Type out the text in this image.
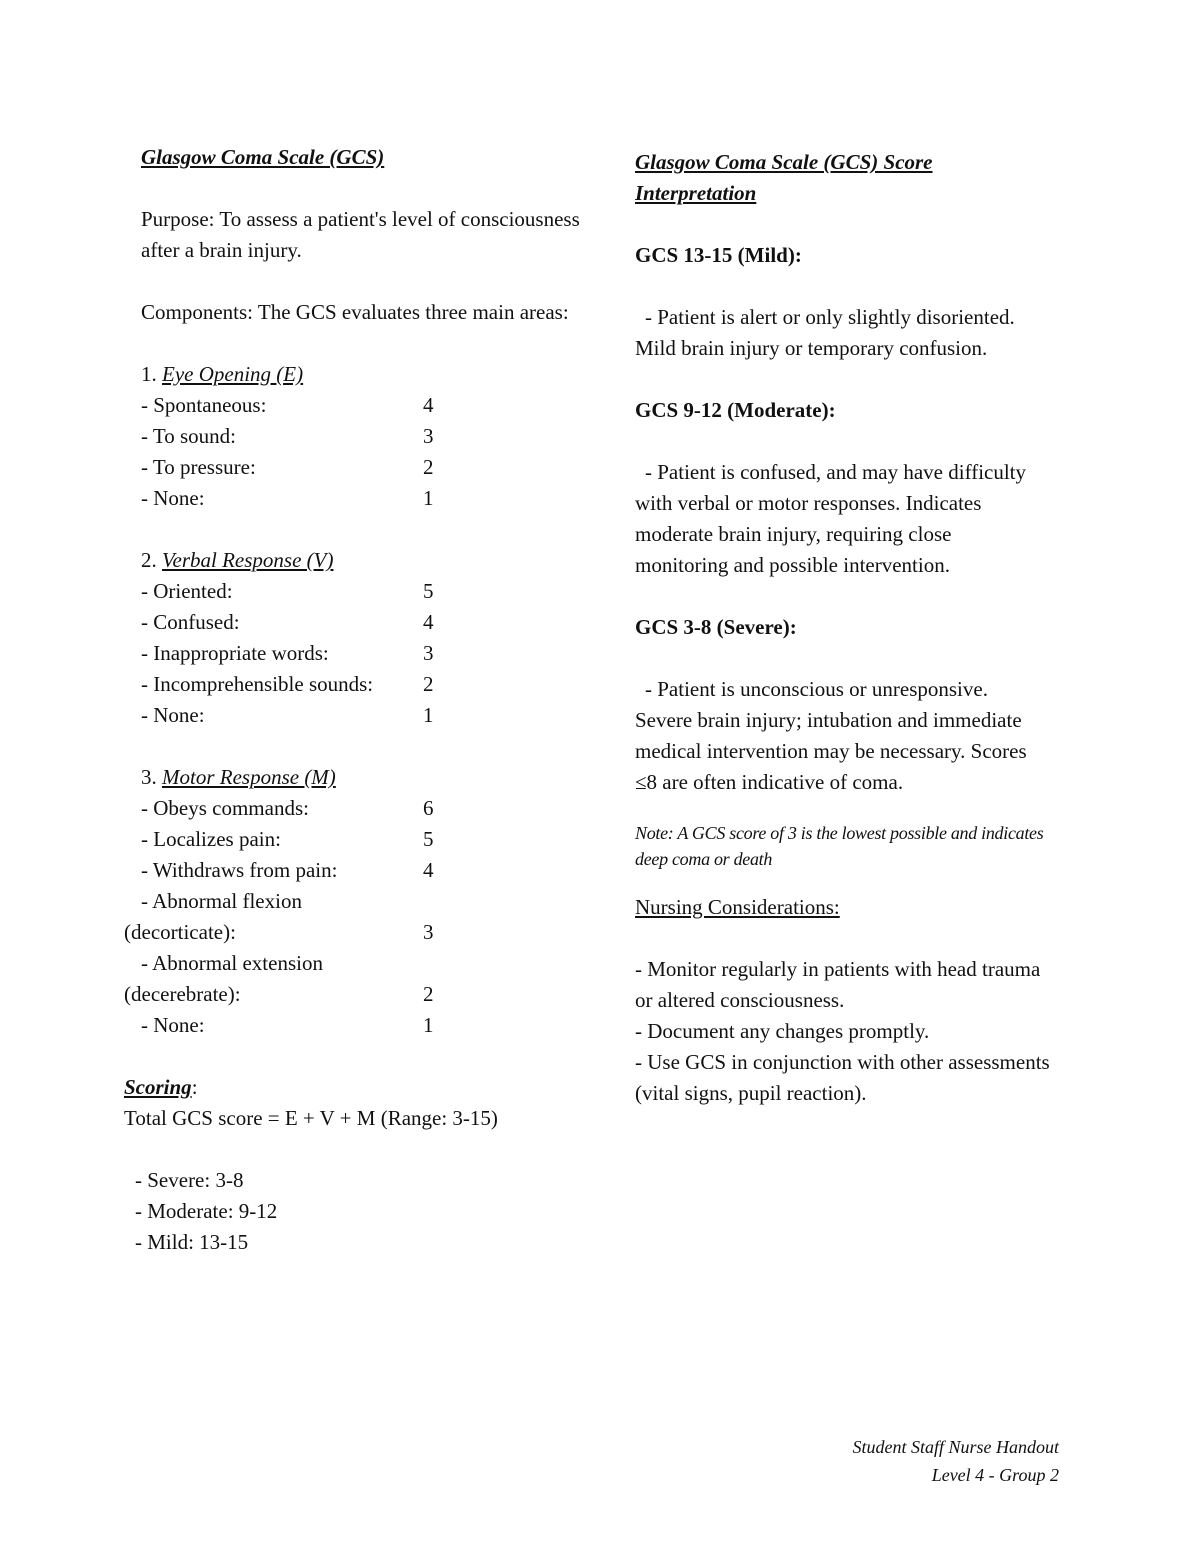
Glasgow Coma Scale (GCS)
Purpose: To assess a patient's level of consciousness after a brain injury.
Components: The GCS evaluates three main areas:
1. Eye Opening (E)
- Spontaneous:	4
- To sound:	3
- To pressure:	2
- None:	1
2. Verbal Response (V)
- Oriented:	5
- Confused:	4
- Inappropriate words:	3
- Incomprehensible sounds:	2
- None:	1
3. Motor Response (M)
- Obeys commands:	6
- Localizes pain:	5
- Withdraws from pain:	4
- Abnormal flexion
(decorticate):	3
- Abnormal extension
(decerebrate):	2
- None:	1
Scoring:
Total GCS score = E + V + M (Range: 3-15)
- Severe: 3-8
- Moderate: 9-12
- Mild: 13-15
Glasgow Coma Scale (GCS) Score Interpretation
GCS 13-15 (Mild):
- Patient is alert or only slightly disoriented. Mild brain injury or temporary confusion.
GCS 9-12 (Moderate):
- Patient is confused, and may have difficulty with verbal or motor responses. Indicates moderate brain injury, requiring close monitoring and possible intervention.
GCS 3-8 (Severe):
- Patient is unconscious or unresponsive. Severe brain injury; intubation and immediate medical intervention may be necessary. Scores ≤8 are often indicative of coma.
Note: A GCS score of 3 is the lowest possible and indicates deep coma or death
Nursing Considerations:
- Monitor regularly in patients with head trauma or altered consciousness.
- Document any changes promptly.
- Use GCS in conjunction with other assessments (vital signs, pupil reaction).
Student Staff Nurse Handout
Level 4 - Group 2
